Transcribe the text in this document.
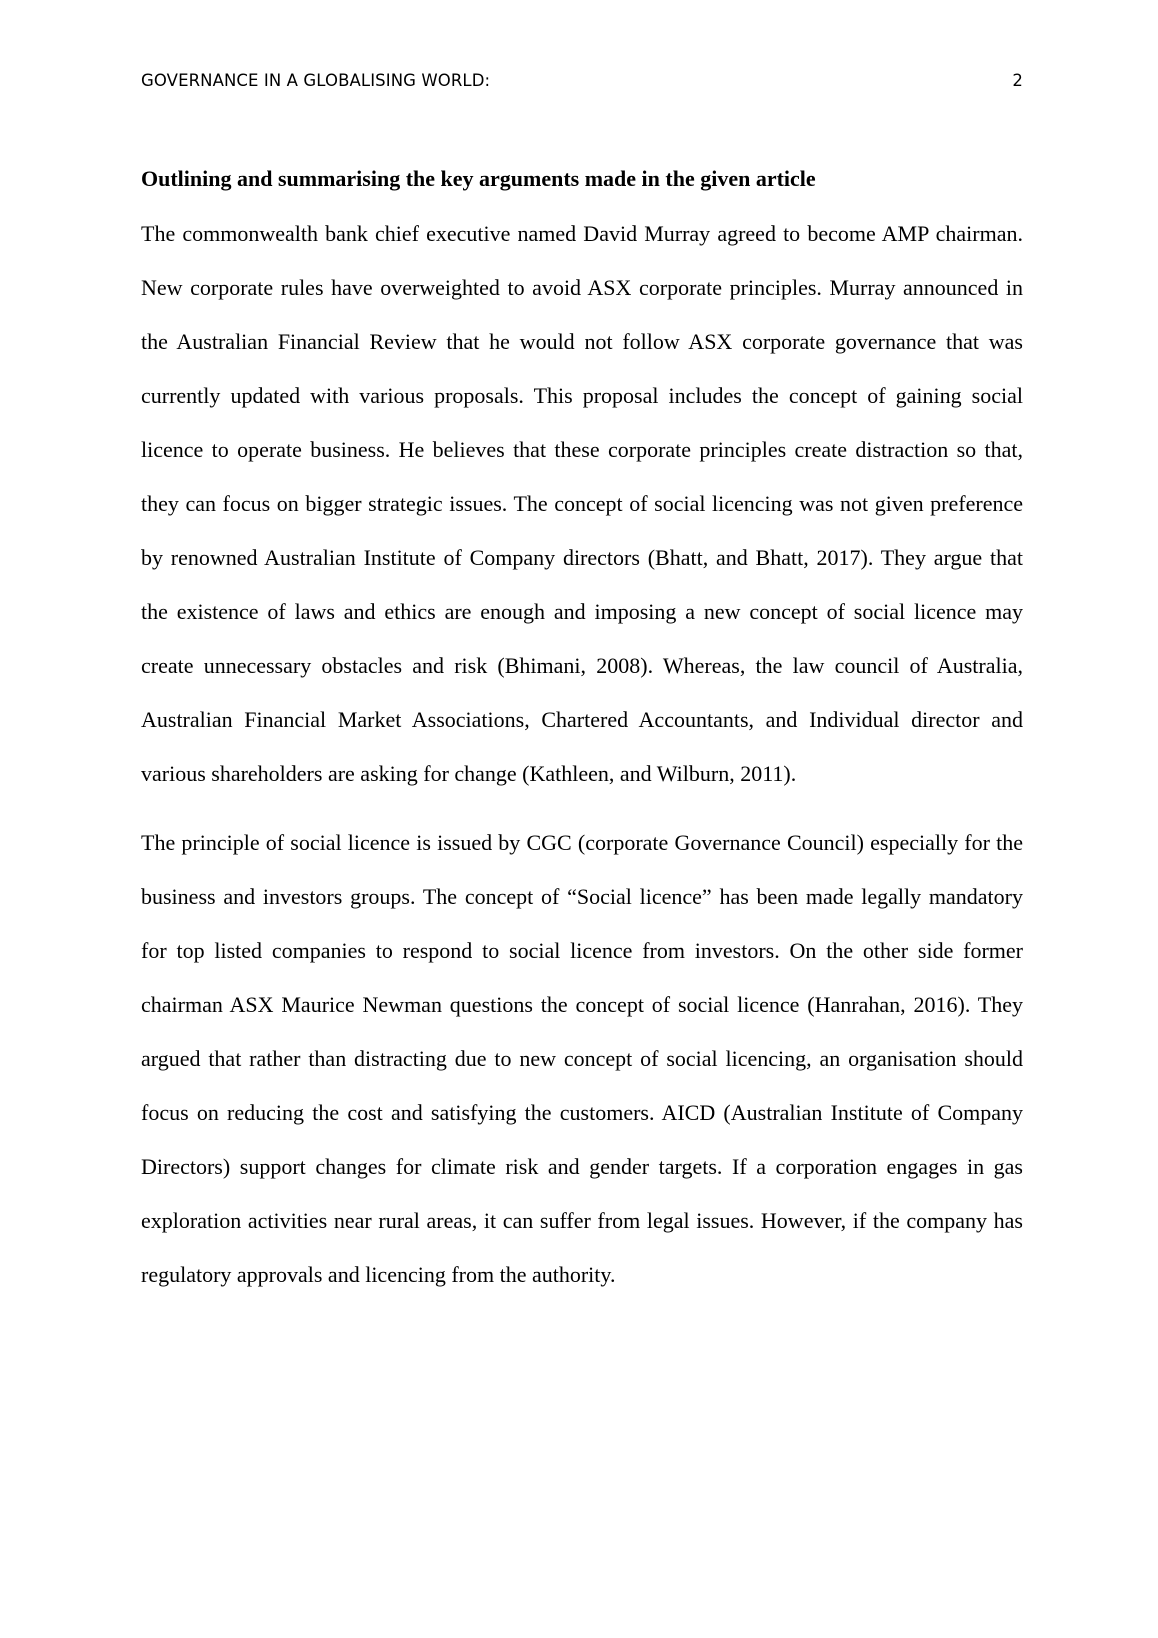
GOVERNANCE IN A GLOBALISING WORLD:	2

Outlining and summarising the key arguments made in the given article

The commonwealth bank chief executive named David Murray agreed to become AMP chairman. New corporate rules have overweighted to avoid ASX corporate principles. Murray announced in the Australian Financial Review that he would not follow ASX corporate governance that was currently updated with various proposals. This proposal includes the concept of gaining social licence to operate business. He believes that these corporate principles create distraction so that, they can focus on bigger strategic issues. The concept of social licencing was not given preference by renowned Australian Institute of Company directors (Bhatt, and Bhatt, 2017). They argue that the existence of laws and ethics are enough and imposing a new concept of social licence may create unnecessary obstacles and risk (Bhimani, 2008). Whereas, the law council of Australia, Australian Financial Market Associations, Chartered Accountants, and Individual director and various shareholders are asking for change (Kathleen, and Wilburn, 2011).

The principle of social licence is issued by CGC (corporate Governance Council) especially for the business and investors groups. The concept of “Social licence” has been made legally mandatory for top listed companies to respond to social licence from investors. On the other side former chairman ASX Maurice Newman questions the concept of social licence (Hanrahan, 2016). They argued that rather than distracting due to new concept of social licencing, an organisation should focus on reducing the cost and satisfying the customers. AICD (Australian Institute of Company Directors) support changes for climate risk and gender targets. If a corporation engages in gas exploration activities near rural areas, it can suffer from legal issues. However, if the company has regulatory approvals and licencing from the authority.
